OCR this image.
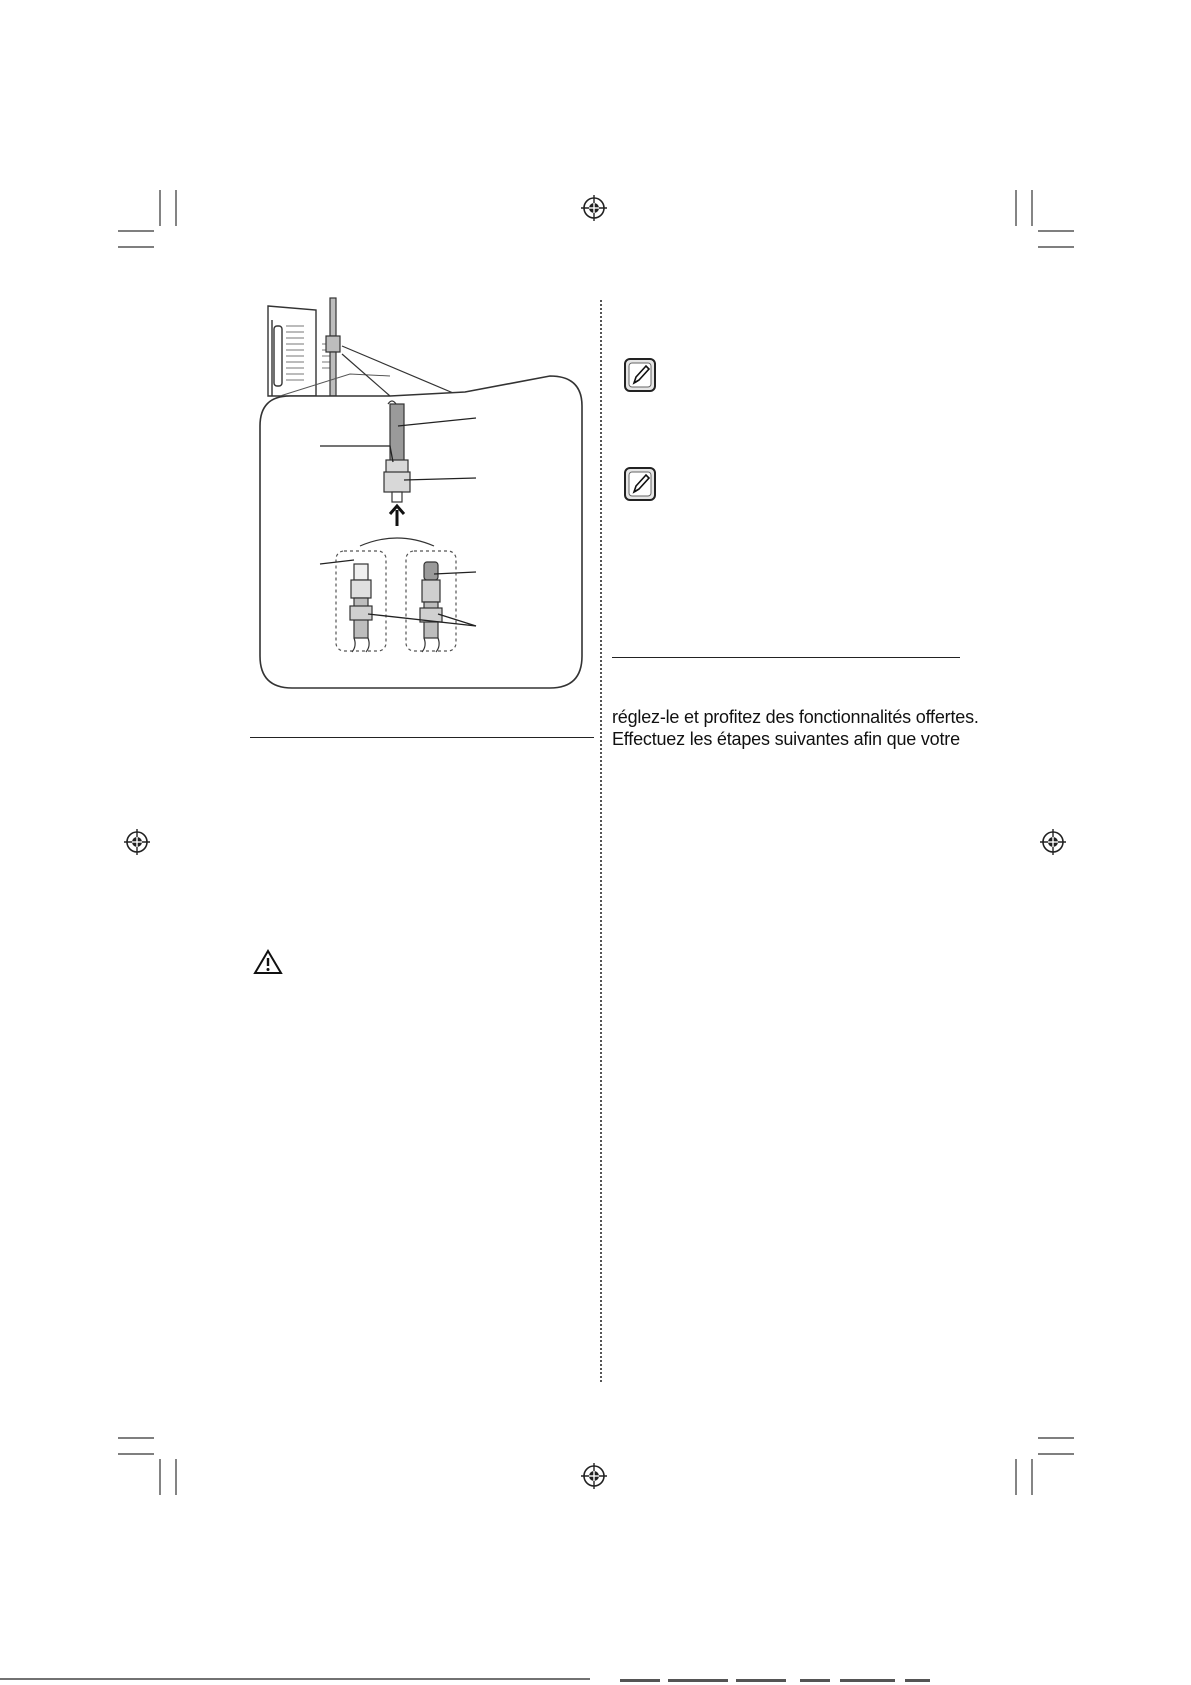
réglez-le et profitez des fonctionnalités offertes.
Effectuez les étapes suivantes afin que votre
